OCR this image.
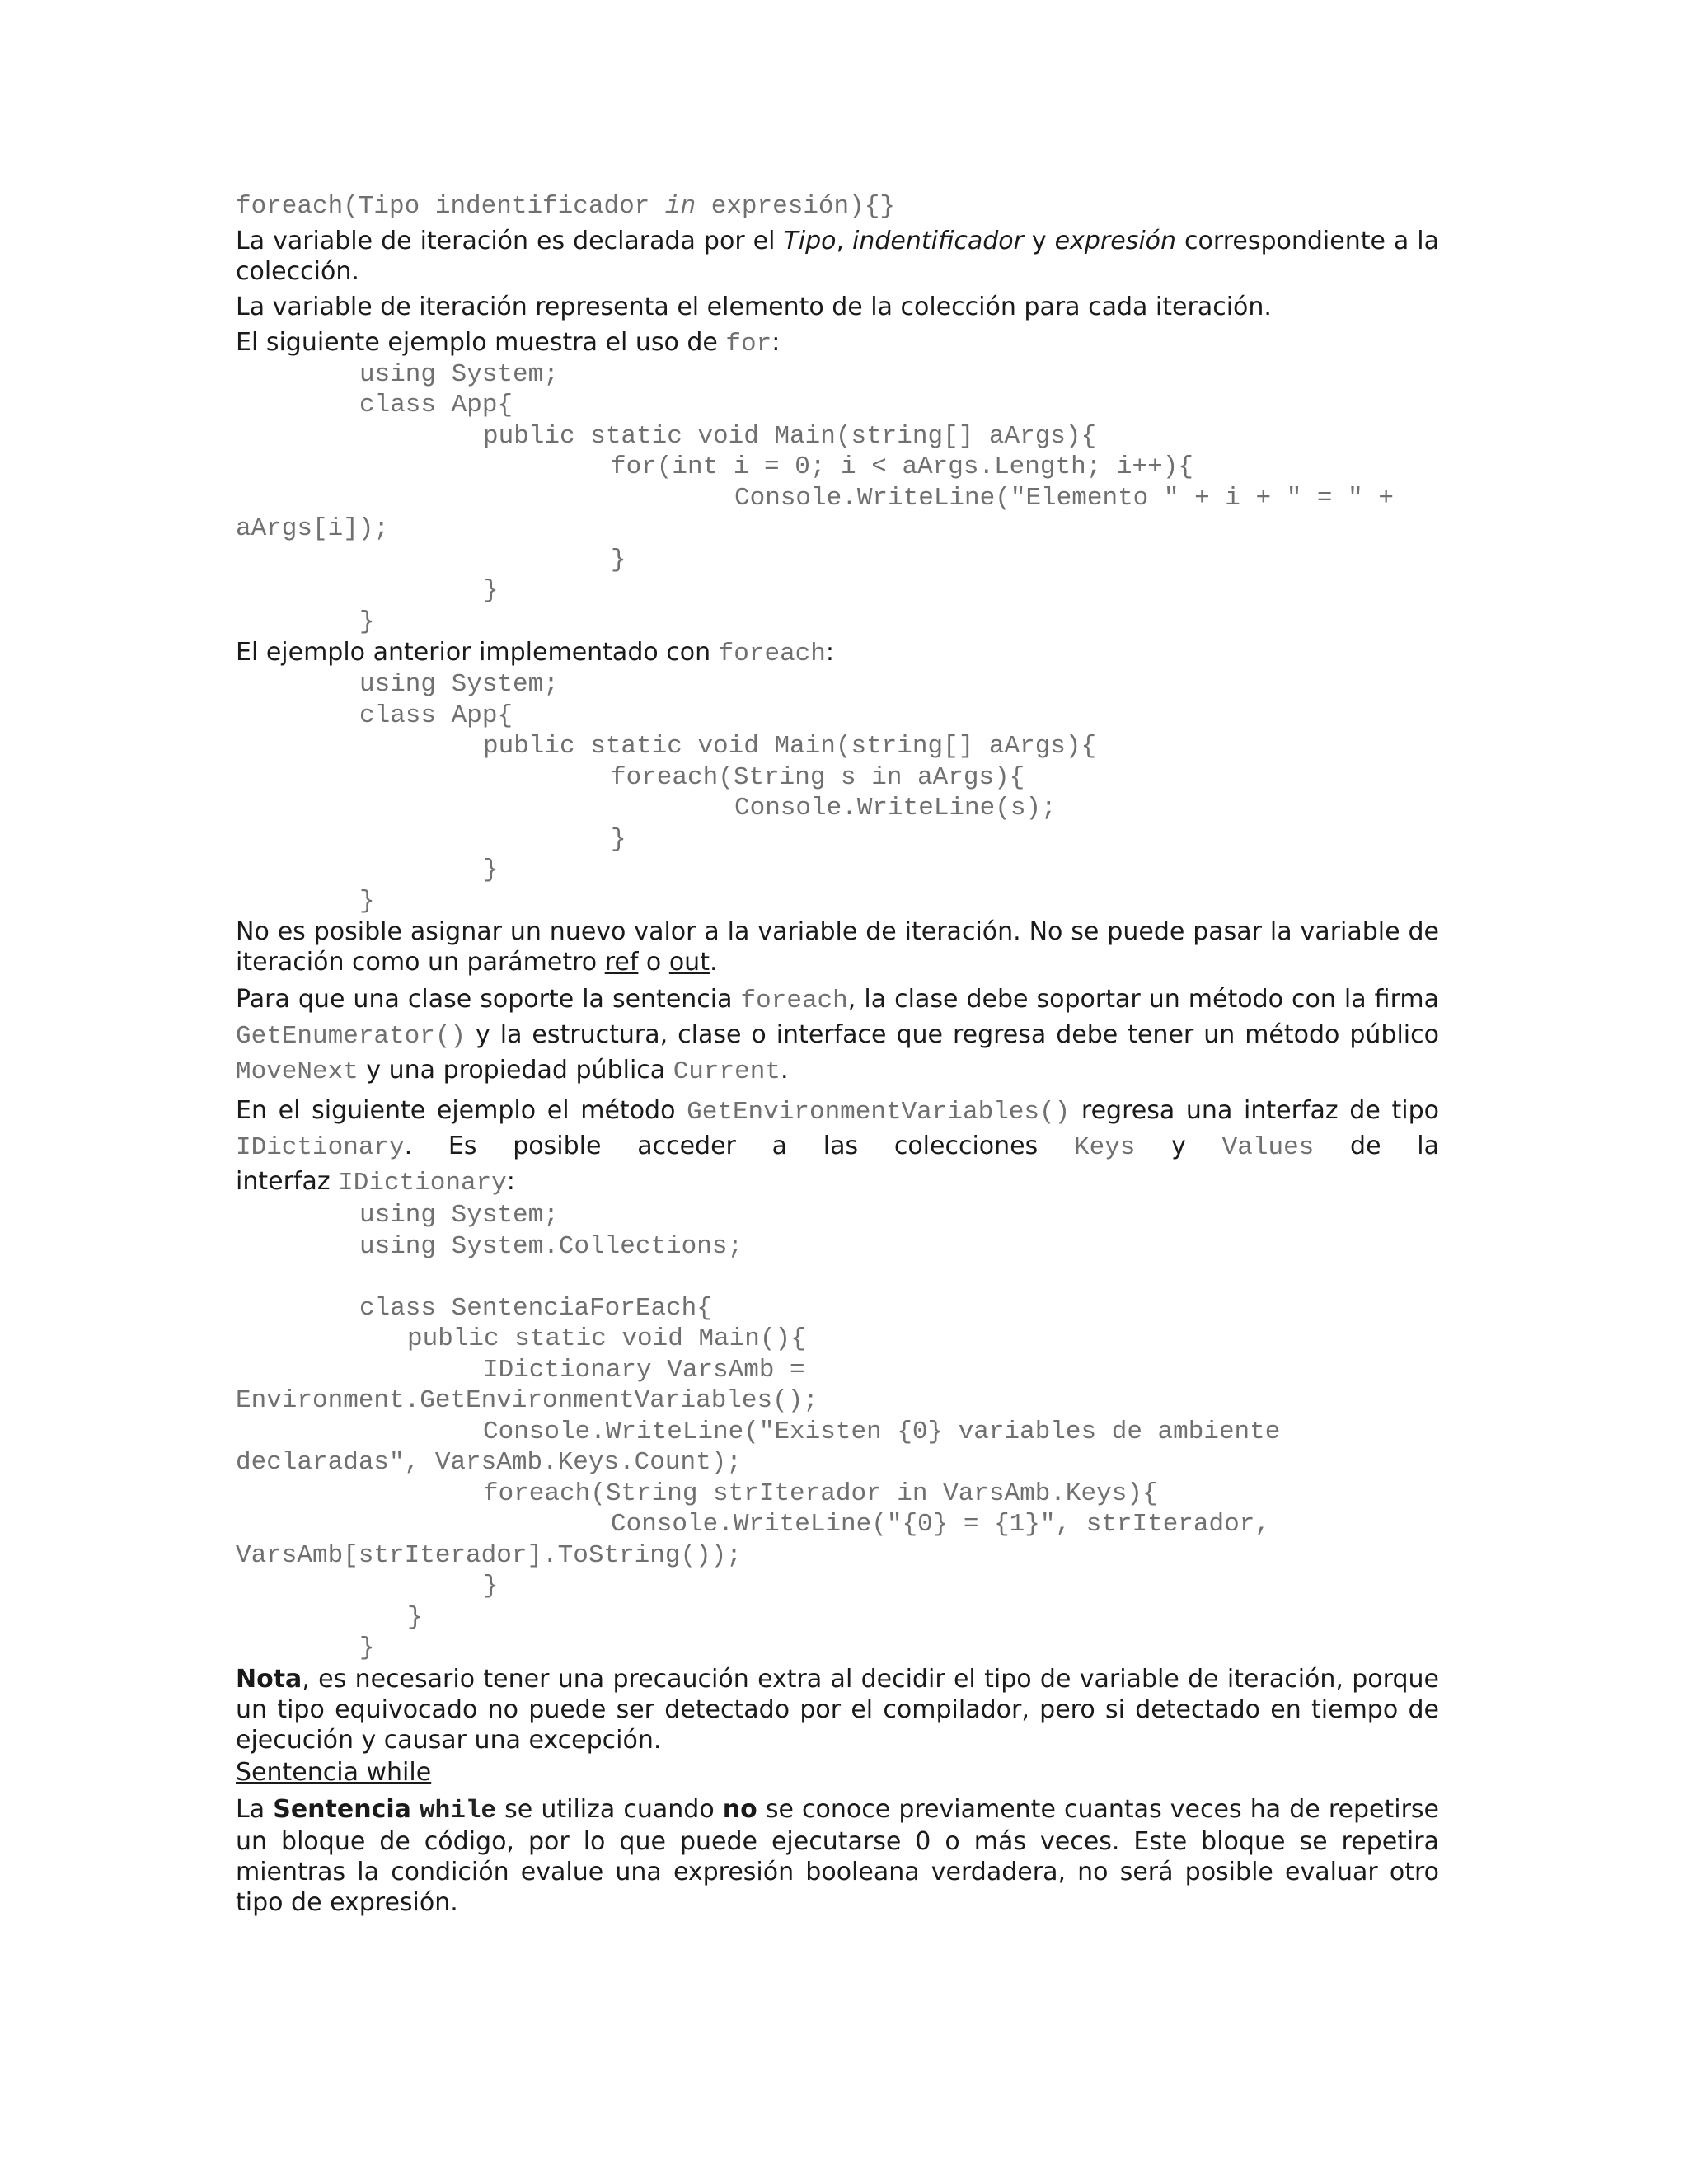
foreach(Tipo indentificador in expresión){}

La variable de iteración es declarada por el Tipo, indentificador y expresión correspondiente a la colección.

La variable de iteración representa el elemento de la colección para cada iteración.

El siguiente ejemplo muestra el uso de for:

using System;

class App{

public static void Main(string[] aArgs){

for(int i = 0; i < aArgs.Length; i++){

Console.WriteLine("Elemento " + i + " = " +

aArgs[i]);

}

}

}

El ejemplo anterior implementado con foreach:

using System;

class App{

public static void Main(string[] aArgs){

foreach(String s in aArgs){

Console.WriteLine(s);

}

}

}

No es posible asignar un nuevo valor a la variable de iteración. No se puede pasar la variable de iteración como un parámetro ref o out.

Para que una clase soporte la sentencia foreach, la clase debe soportar un método con la firma GetEnumerator() y la estructura, clase o interface que regresa debe tener un método público MoveNext y una propiedad pública Current.

En el siguiente ejemplo el método GetEnvironmentVariables() regresa una interfaz de tipo IDictionary. Es posible acceder a las colecciones Keys y Values de la

interfaz IDictionary:

using System;

using System.Collections;

class SentenciaForEach{

public static void Main(){

IDictionary VarsAmb =

Environment.GetEnvironmentVariables();

Console.WriteLine("Existen {0} variables de ambiente

declaradas", VarsAmb.Keys.Count);

foreach(String strIterador in VarsAmb.Keys){

Console.WriteLine("{0} = {1}", strIterador,

VarsAmb[strIterador].ToString());

}

}

}

Nota, es necesario tener una precaución extra al decidir el tipo de variable de iteración, porque un tipo equivocado no puede ser detectado por el compilador, pero si detectado en tiempo de ejecución y causar una excepción.

Sentencia while

La Sentencia while se utiliza cuando no se conoce previamente cuantas veces ha de repetirse un bloque de código, por lo que puede ejecutarse 0 o más veces. Este bloque se repetira mientras la condición evalue una expresión booleana verdadera, no será posible evaluar otro tipo de expresión.
